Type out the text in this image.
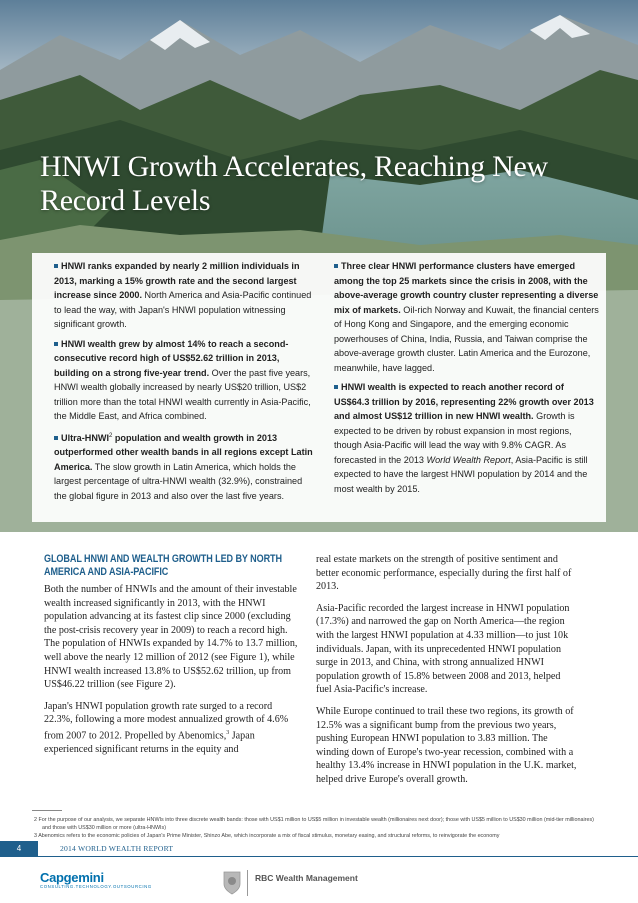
HNWI Growth Accelerates, Reaching New Record Levels
HNWI ranks expanded by nearly 2 million individuals in 2013, marking a 15% growth rate and the second largest increase since 2000. North America and Asia-Pacific continued to lead the way, with Japan's HNWI population witnessing significant growth.
HNWI wealth grew by almost 14% to reach a second-consecutive record high of US$52.62 trillion in 2013, building on a strong five-year trend. Over the past five years, HNWI wealth globally increased by nearly US$20 trillion, US$2 trillion more than the total HNWI wealth currently in Asia-Pacific, the Middle East, and Africa combined.
Ultra-HNWI$^2$ population and wealth growth in 2013 outperformed other wealth bands in all regions except Latin America. The slow growth in Latin America, which holds the largest percentage of ultra-HNWI wealth (32.9%), constrained the global figure in 2013 and also over the last five years.
Three clear HNWI performance clusters have emerged among the top 25 markets since the crisis in 2008, with the above-average growth country cluster representing a diverse mix of markets. Oil-rich Norway and Kuwait, the financial centers of Hong Kong and Singapore, and the emerging economic powerhouses of China, India, Russia, and Taiwan comprise the above-average growth cluster. Latin America and the Eurozone, meanwhile, have lagged.
HNWI wealth is expected to reach another record of US$64.3 trillion by 2016, representing 22% growth over 2013 and almost US$12 trillion in new HNWI wealth. Growth is expected to be driven by robust expansion in most regions, though Asia-Pacific will lead the way with 9.8% CAGR. As forecasted in the 2013 World Wealth Report, Asia-Pacific is still expected to have the largest HNWI population by 2014 and the most wealth by 2015.
GLOBAL HNWI AND WEALTH GROWTH LED BY NORTH AMERICA AND ASIA-PACIFIC

Both the number of HNWIs and the amount of their investable wealth increased significantly in 2013, with the HNWI population advancing at its fastest clip since 2000 (excluding the post-crisis recovery year in 2009) to reach a record high. The population of HNWIs expanded by 14.7% to 13.7 million, well above the nearly 12 million of 2012 (see Figure 1), while HNWI wealth increased 13.8% to US$52.62 trillion, up from US$46.22 trillion (see Figure 2).

Japan's HNWI population growth rate surged to a record 22.3%, following a more modest annualized growth of 4.6% from 2007 to 2012. Propelled by Abenomics,$^3$ Japan experienced significant returns in the equity and

real estate markets on the strength of positive sentiment and better economic performance, especially during the first half of 2013.

Asia-Pacific recorded the largest increase in HNWI population (17.3%) and narrowed the gap on North America—the region with the largest HNWI population at 4.33 million—to just 10k individuals. Japan, with its unprecedented HNWI population surge in 2013, and China, with strong annualized HNWI population growth of 15.8% between 2008 and 2013, helped fuel Asia-Pacific's increase.

While Europe continued to trail these two regions, its growth of 12.5% was a significant bump from the previous two years, pushing European HNWI population to 3.83 million. The winding down of Europe's two-year recession, combined with a healthy 13.4% increase in HNWI population in the U.K. market, helped drive Europe's overall growth.

2 For the purpose of our analysis, we separate HNWIs into three discrete wealth bands: those with US$1 million to US$5 million in investable wealth (millionaires next door); those with US$5 million to US$30 million (mid-tier millionaires) and those with US$30 million or more (ultra-HNWIs)
3 Abenomics refers to the economic policies of Japan's Prime Minister, Shinzo Abe, which incorporate a mix of fiscal stimulus, monetary easing, and structural reforms, to reinvigorate the economy
4	2014 WORLD WEALTH REPORT
Capgemini
CONSULTING.TECHNOLOGY.OUTSOURCING
RBC Wealth Management
